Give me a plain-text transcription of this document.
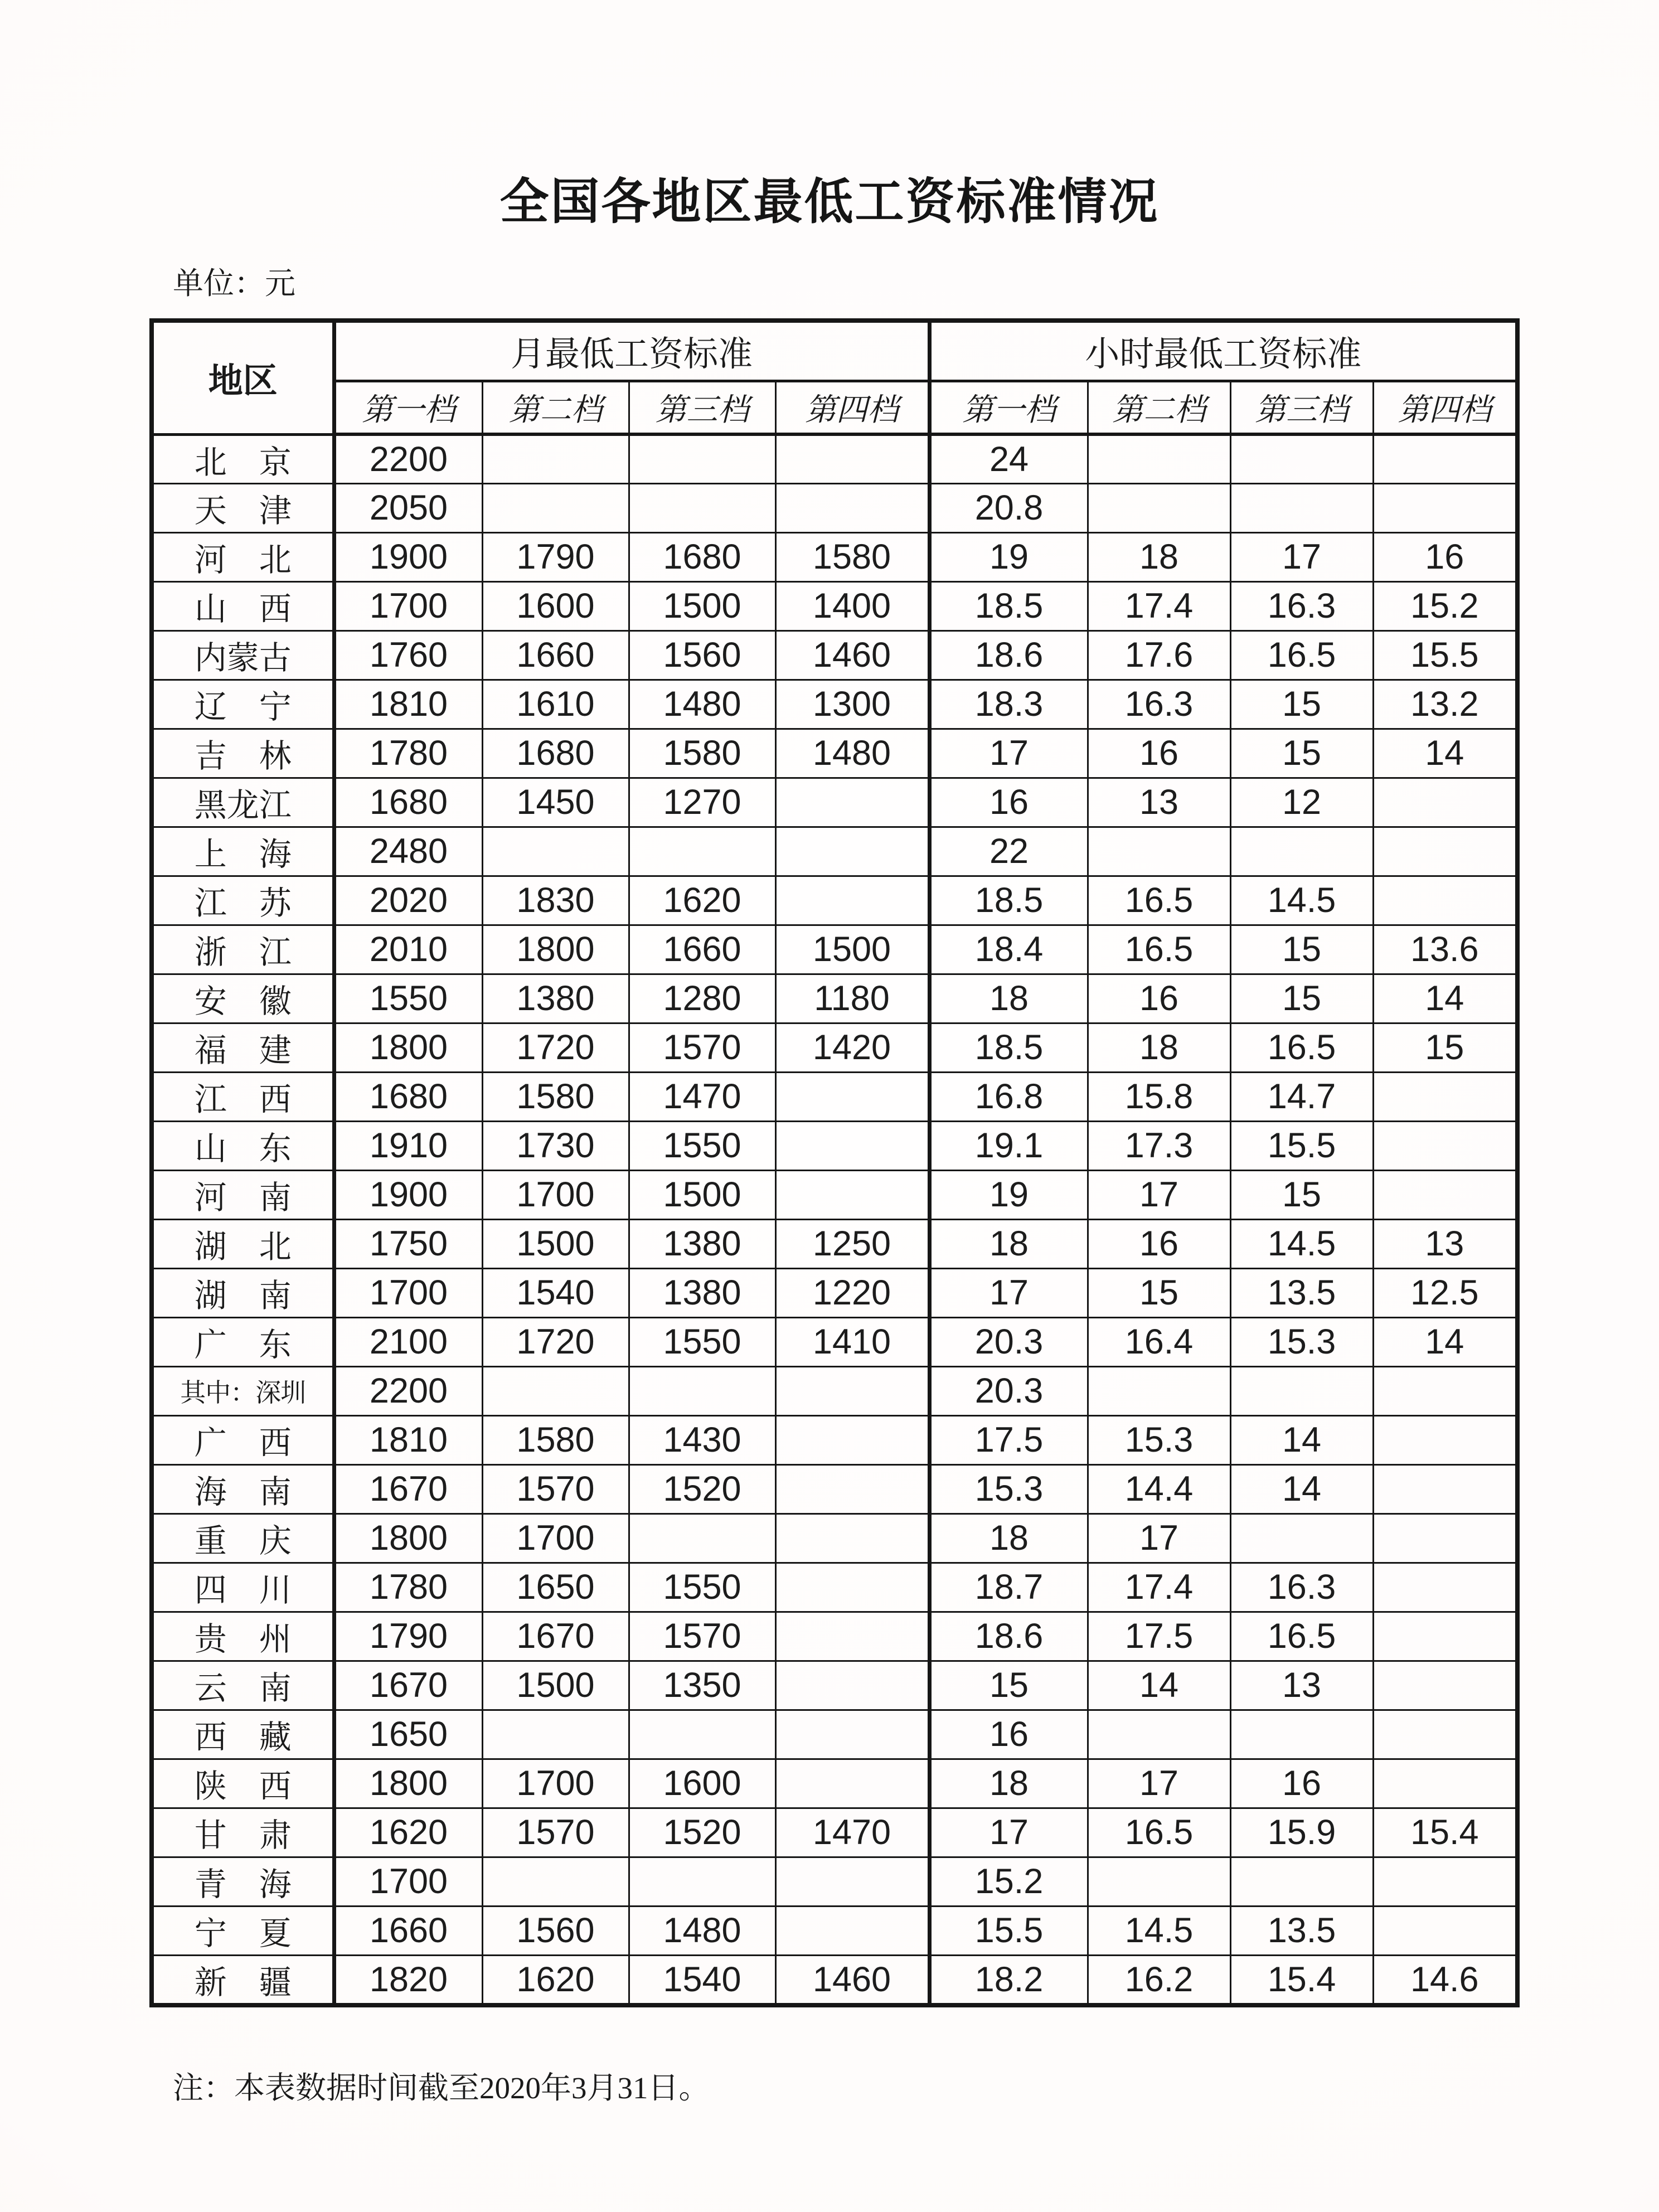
全国各地区最低工资标准情况
单位：元
地区	月最低工资标准				小时最低工资标准			
	第一档	第二档	第三档	第四档	第一档	第二档	第三档	第四档
北　京	2200				24			
天　津	2050				20.8			
河　北	1900	1790	1680	1580	19	18	17	16
山　西	1700	1600	1500	1400	18.5	17.4	16.3	15.2
内蒙古	1760	1660	1560	1460	18.6	17.6	16.5	15.5
辽　宁	1810	1610	1480	1300	18.3	16.3	15	13.2
吉　林	1780	1680	1580	1480	17	16	15	14
黑龙江	1680	1450	1270		16	13	12	
上　海	2480				22			
江　苏	2020	1830	1620		18.5	16.5	14.5	
浙　江	2010	1800	1660	1500	18.4	16.5	15	13.6
安　徽	1550	1380	1280	1180	18	16	15	14
福　建	1800	1720	1570	1420	18.5	18	16.5	15
江　西	1680	1580	1470		16.8	15.8	14.7	
山　东	1910	1730	1550		19.1	17.3	15.5	
河　南	1900	1700	1500		19	17	15	
湖　北	1750	1500	1380	1250	18	16	14.5	13
湖　南	1700	1540	1380	1220	17	15	13.5	12.5
广　东	2100	1720	1550	1410	20.3	16.4	15.3	14
其中：深圳	2200				20.3			
广　西	1810	1580	1430		17.5	15.3	14	
海　南	1670	1570	1520		15.3	14.4	14	
重　庆	1800	1700			18	17		
四　川	1780	1650	1550		18.7	17.4	16.3	
贵　州	1790	1670	1570		18.6	17.5	16.5	
云　南	1670	1500	1350		15	14	13	
西　藏	1650				16			
陕　西	1800	1700	1600		18	17	16	
甘　肃	1620	1570	1520	1470	17	16.5	15.9	15.4
青　海	1700				15.2			
宁　夏	1660	1560	1480		15.5	14.5	13.5	
新　疆	1820	1620	1540	1460	18.2	16.2	15.4	14.6
注：本表数据时间截至2020年3月31日。
